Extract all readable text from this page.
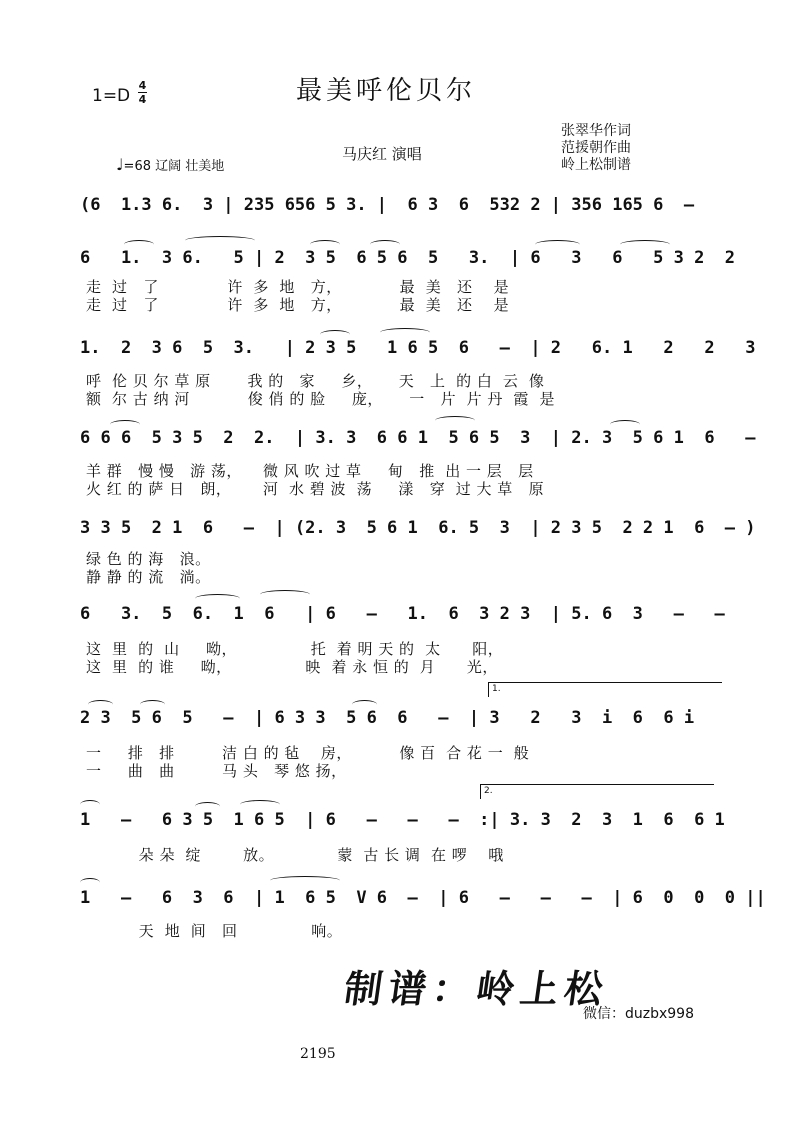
1=D
4
4	最美呼伦贝尔
马庆红 演唱
张翠华作词
范援朝作曲
岭上松制谱
♩=68 辽阔 壮美地
(6  1.3 6.  3 | 235 656 5 3. |  6 3  6  532 2 | 356 165 6  –
6   1.  3 6.   5 | 2  3 5  6 5 6  5   3.  | 6   3   6   5 3 2  2
走  过   了             许  多  地   方，           最  美   还    是
走  过   了             许  多  地   方，           最  美   还    是
1.  2  3 6  5  3.   | 2 3 5   1 6 5  6   –  | 2   6. 1   2   2   3
呼  伦 贝 尔 草 原       我 的   家     乡，     天   上  的 白  云  像
额  尔 古 纳 河           俊 俏 的 脸     庞，     一   片  片 丹  霞  是
6 6 6  5 3 5  2  2.  | 3. 3  6 6 1  5 6 5  3  | 2. 3  5 6 1  6   –
羊 群   慢 慢   游 荡，    微 风 吹 过 草     甸   推  出 一 层   层
火 红 的 萨 日   朗，      河  水 碧 波  荡     漾   穿  过 大 草   原
3 3 5  2 1  6   –  | (2. 3  5 6 1  6. 5  3  | 2 3 5  2 2 1  6  – )
绿 色 的 海   浪。
静 静 的 流   淌。
6   3.  5  6.  1  6   | 6   –   1.  6  3 2 3  | 5. 6  3   –   –
这  里  的  山     呦，              托  着 明 天 的  太      阳，
这  里  的 谁     呦，              映  着 永 恒 的  月      光，
1.
2 3  5 6  5   –  | 6 3 3  5 6  6   –  | 3   2   3  i  6  6 i
一     排   排         洁 白 的 毡    房，         像 百  合 花 一  般
一     曲   曲         马 头   琴 悠 扬，
2.
1   –   6 3 5  1 6 5  | 6   –   –   –  :| 3. 3  2  3  1  6  6 1
朵 朵  绽        放。            蒙  古 长 调  在 啰    哦
1   –   6  3  6  | 1  6 5  V 6  –  | 6   –   –   –  | 6  0  0  0 ||
天  地  间   回              响。
制谱：岭上松
微信：duzbx998
2195
